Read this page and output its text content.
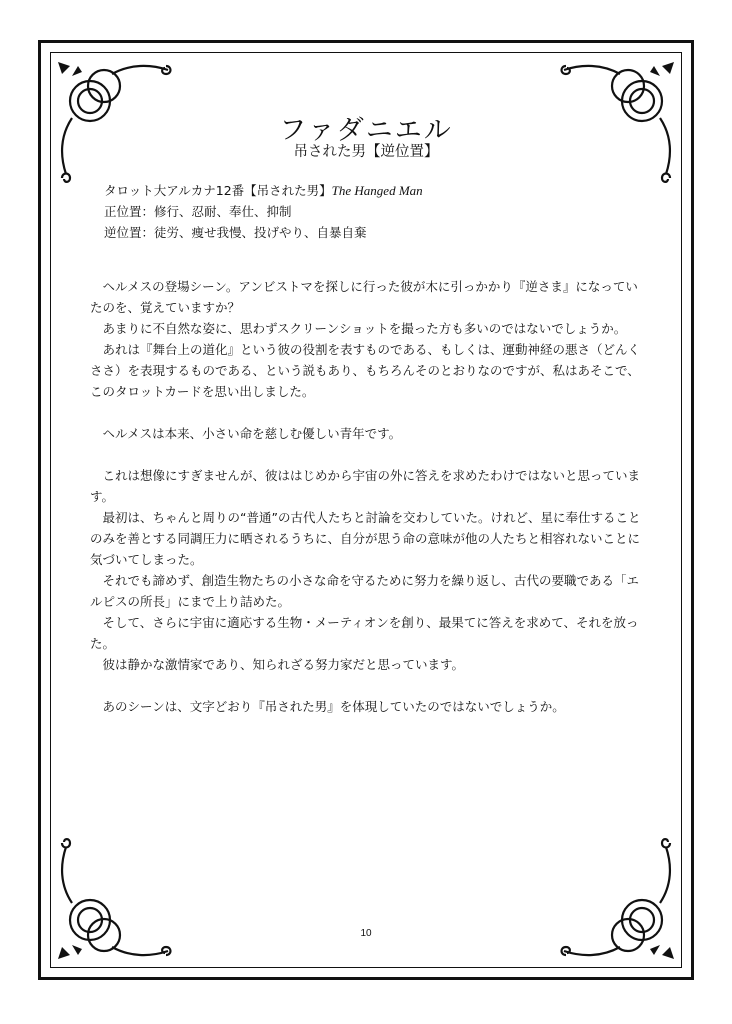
ファダニエル
吊された男【逆位置】
タロット大アルカナ12番【吊された男】The Hanged Man
正位置：修行、忍耐、奉仕、抑制
逆位置：徒労、痩せ我慢、投げやり、自暴自棄

ヘルメスの登場シーン。アンビストマを探しに行った彼が木に引っかかり『逆さま』になっていたのを、覚えていますか？

あまりに不自然な姿に、思わずスクリーンショットを撮った方も多いのではないでしょうか。

あれは『舞台上の道化』という彼の役割を表すものである、もしくは、運動神経の悪さ（どんくささ）を表現するものである、という説もあり、もちろんそのとおりなのですが、私はあそこで、このタロットカードを思い出しました。

ヘルメスは本来、小さい命を慈しむ優しい青年です。

これは想像にすぎませんが、彼ははじめから宇宙の外に答えを求めたわけではないと思っています。

最初は、ちゃんと周りの“普通”の古代人たちと討論を交わしていた。けれど、星に奉仕することのみを善とする同調圧力に晒されるうちに、自分が思う命の意味が他の人たちと相容れないことに気づいてしまった。

それでも諦めず、創造生物たちの小さな命を守るために努力を繰り返し、古代の要職である「エルピスの所長」にまで上り詰めた。

そして、さらに宇宙に適応する生物・メーティオンを創り、最果てに答えを求めて、それを放った。

彼は静かな激情家であり、知られざる努力家だと思っています。

あのシーンは、文字どおり『吊された男』を体現していたのではないでしょうか。

10
